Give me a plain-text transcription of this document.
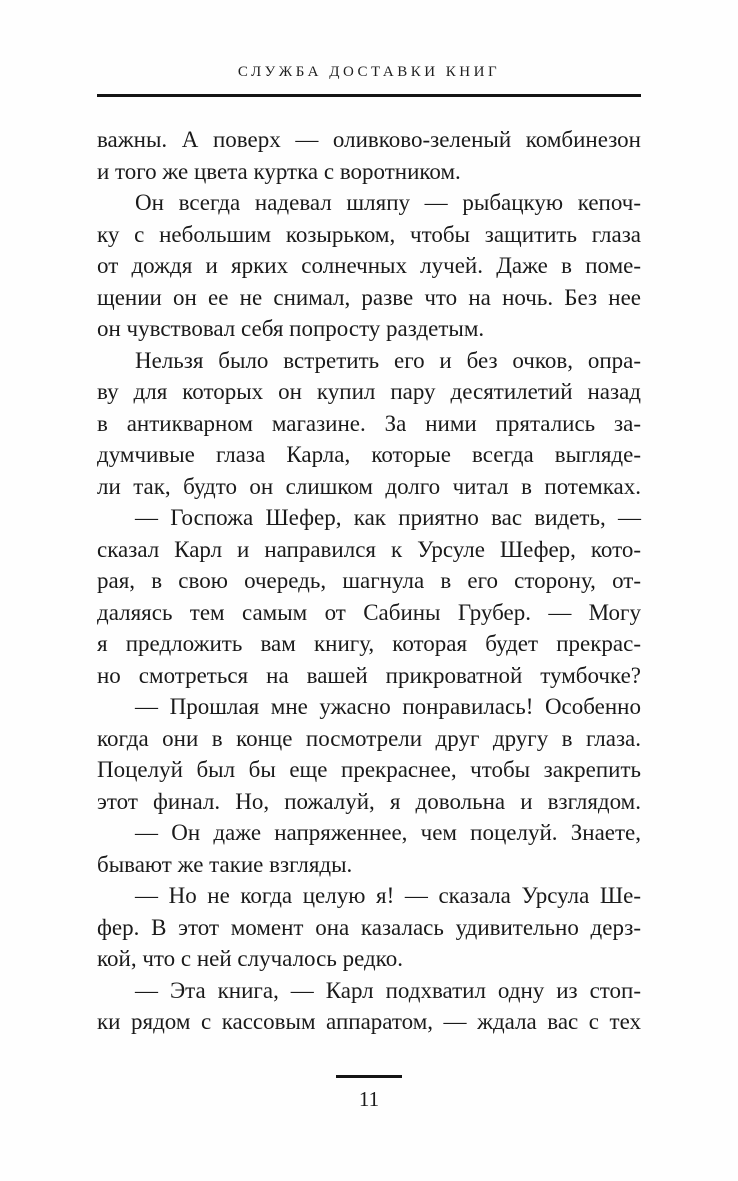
СЛУЖБА ДОСТАВКИ КНИГ
важны. А поверх — оливково-зеленый комбинезон
и того же цвета куртка с воротником.
Он всегда надевал шляпу — рыбацкую кепоч-
ку с небольшим козырьком, чтобы защитить глаза
от дождя и ярких солнечных лучей. Даже в поме-
щении он ее не снимал, разве что на ночь. Без нее
он чувствовал себя попросту раздетым.
Нельзя было встретить его и без очков, опра-
ву для которых он купил пару десятилетий назад
в антикварном магазине. За ними прятались за-
думчивые глаза Карла, которые всегда выгляде-
ли так, будто он слишком долго читал в потемках.
— Госпожа Шефер, как приятно вас видеть, —
сказал Карл и направился к Урсуле Шефер, кото-
рая, в свою очередь, шагнула в его сторону, от-
даляясь тем самым от Сабины Грубер. — Могу
я предложить вам книгу, которая будет прекрас-
но смотреться на вашей прикроватной тумбочке?
— Прошлая мне ужасно понравилась! Особенно
когда они в конце посмотрели друг другу в глаза.
Поцелуй был бы еще прекраснее, чтобы закрепить
этот финал. Но, пожалуй, я довольна и взглядом.
— Он даже напряженнее, чем поцелуй. Знаете,
бывают же такие взгляды.
— Но не когда целую я! — сказала Урсула Ше-
фер. В этот момент она казалась удивительно дерз-
кой, что с ней случалось редко.
— Эта книга, — Карл подхватил одну из стоп-
ки рядом с кассовым аппаратом, — ждала вас с тех
11
